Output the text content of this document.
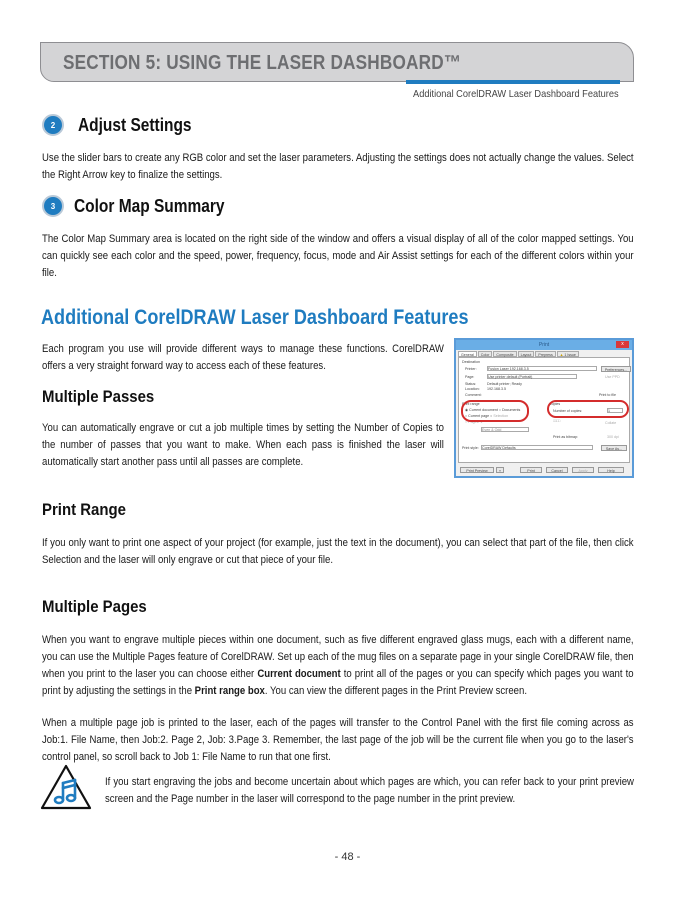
SECTION 5: USING THE LASER DASHBOARD™
Additional CorelDRAW Laser Dashboard Features
2	Adjust Settings
Use the slider bars to create any RGB color and set the laser parameters. Adjusting the settings does not actually change the values. Select the Right Arrow key to finalize the settings.
3	Color Map Summary
The Color Map Summary area is located on the right side of the window and offers a visual display of all of the color mapped settings. You can quickly see each color and the speed, power, frequency, focus, mode and Air Assist settings for each of the different colors within your file.
Additional CorelDRAW Laser Dashboard Features
Each program you use will provide different ways to manage these functions. CorelDRAW offers a very straight forward way to access each of these features.
Multiple Passes
You can automatically engrave or cut a job multiple times by setting the Number of Copies to the number of passes that you want to make. When each pass is finished the laser will automatically start another pass until all passes are complete.
Print	x
General	Color	Composite	Layout	Prepress	▲ 1 Issue
Destination
Printer:	Fusion Laser 192.168.3.5	Preferences...
Page:	Use printer default (Portrait)	Use PPD
Status:	Default printer; Ready
Location: 192.168.3.5
Comment:	Print to file
Print range
◉ Current document ○ Documents
○ Current page ○ Selection
○ Pages: 1
Even & Odd
Copies
Number of copies:	1
□□□□	Collate
Print as bitmap:	300 dpi
Print style: CorelDRAW Defaults	Save As...
Print Preview	»	Print	Cancel	Apply	Help
Print Range
If you only want to print one aspect of your project (for example, just the text in the document), you can select that part of the file, then click Selection and the laser will only engrave or cut that piece of your file.
Multiple Pages
When you want to engrave multiple pieces within one document, such as five different engraved glass mugs, each with a different name, you can use the Multiple Pages feature of CorelDRAW. Set up each of the mug files on a separate page in your single CorelDRAW file, then when you print to the laser you can choose either Current document to print all of the pages or you can specify which pages you want to print by adjusting the settings in the Print range box. You can view the different pages in the Print Preview screen.
When a multiple page job is printed to the laser, each of the pages will transfer to the Control Panel with the first file coming across as Job:1. File Name, then Job:2. Page 2, Job: 3.Page 3. Remember, the last page of the job will be the current file when you go to the laser's control panel, so scroll back to Job 1: File Name to run that one first.
If you start engraving the jobs and become uncertain about which pages are which, you can refer back to your print preview screen and the Page number in the laser will correspond to the page number in the print preview.
- 48 -
